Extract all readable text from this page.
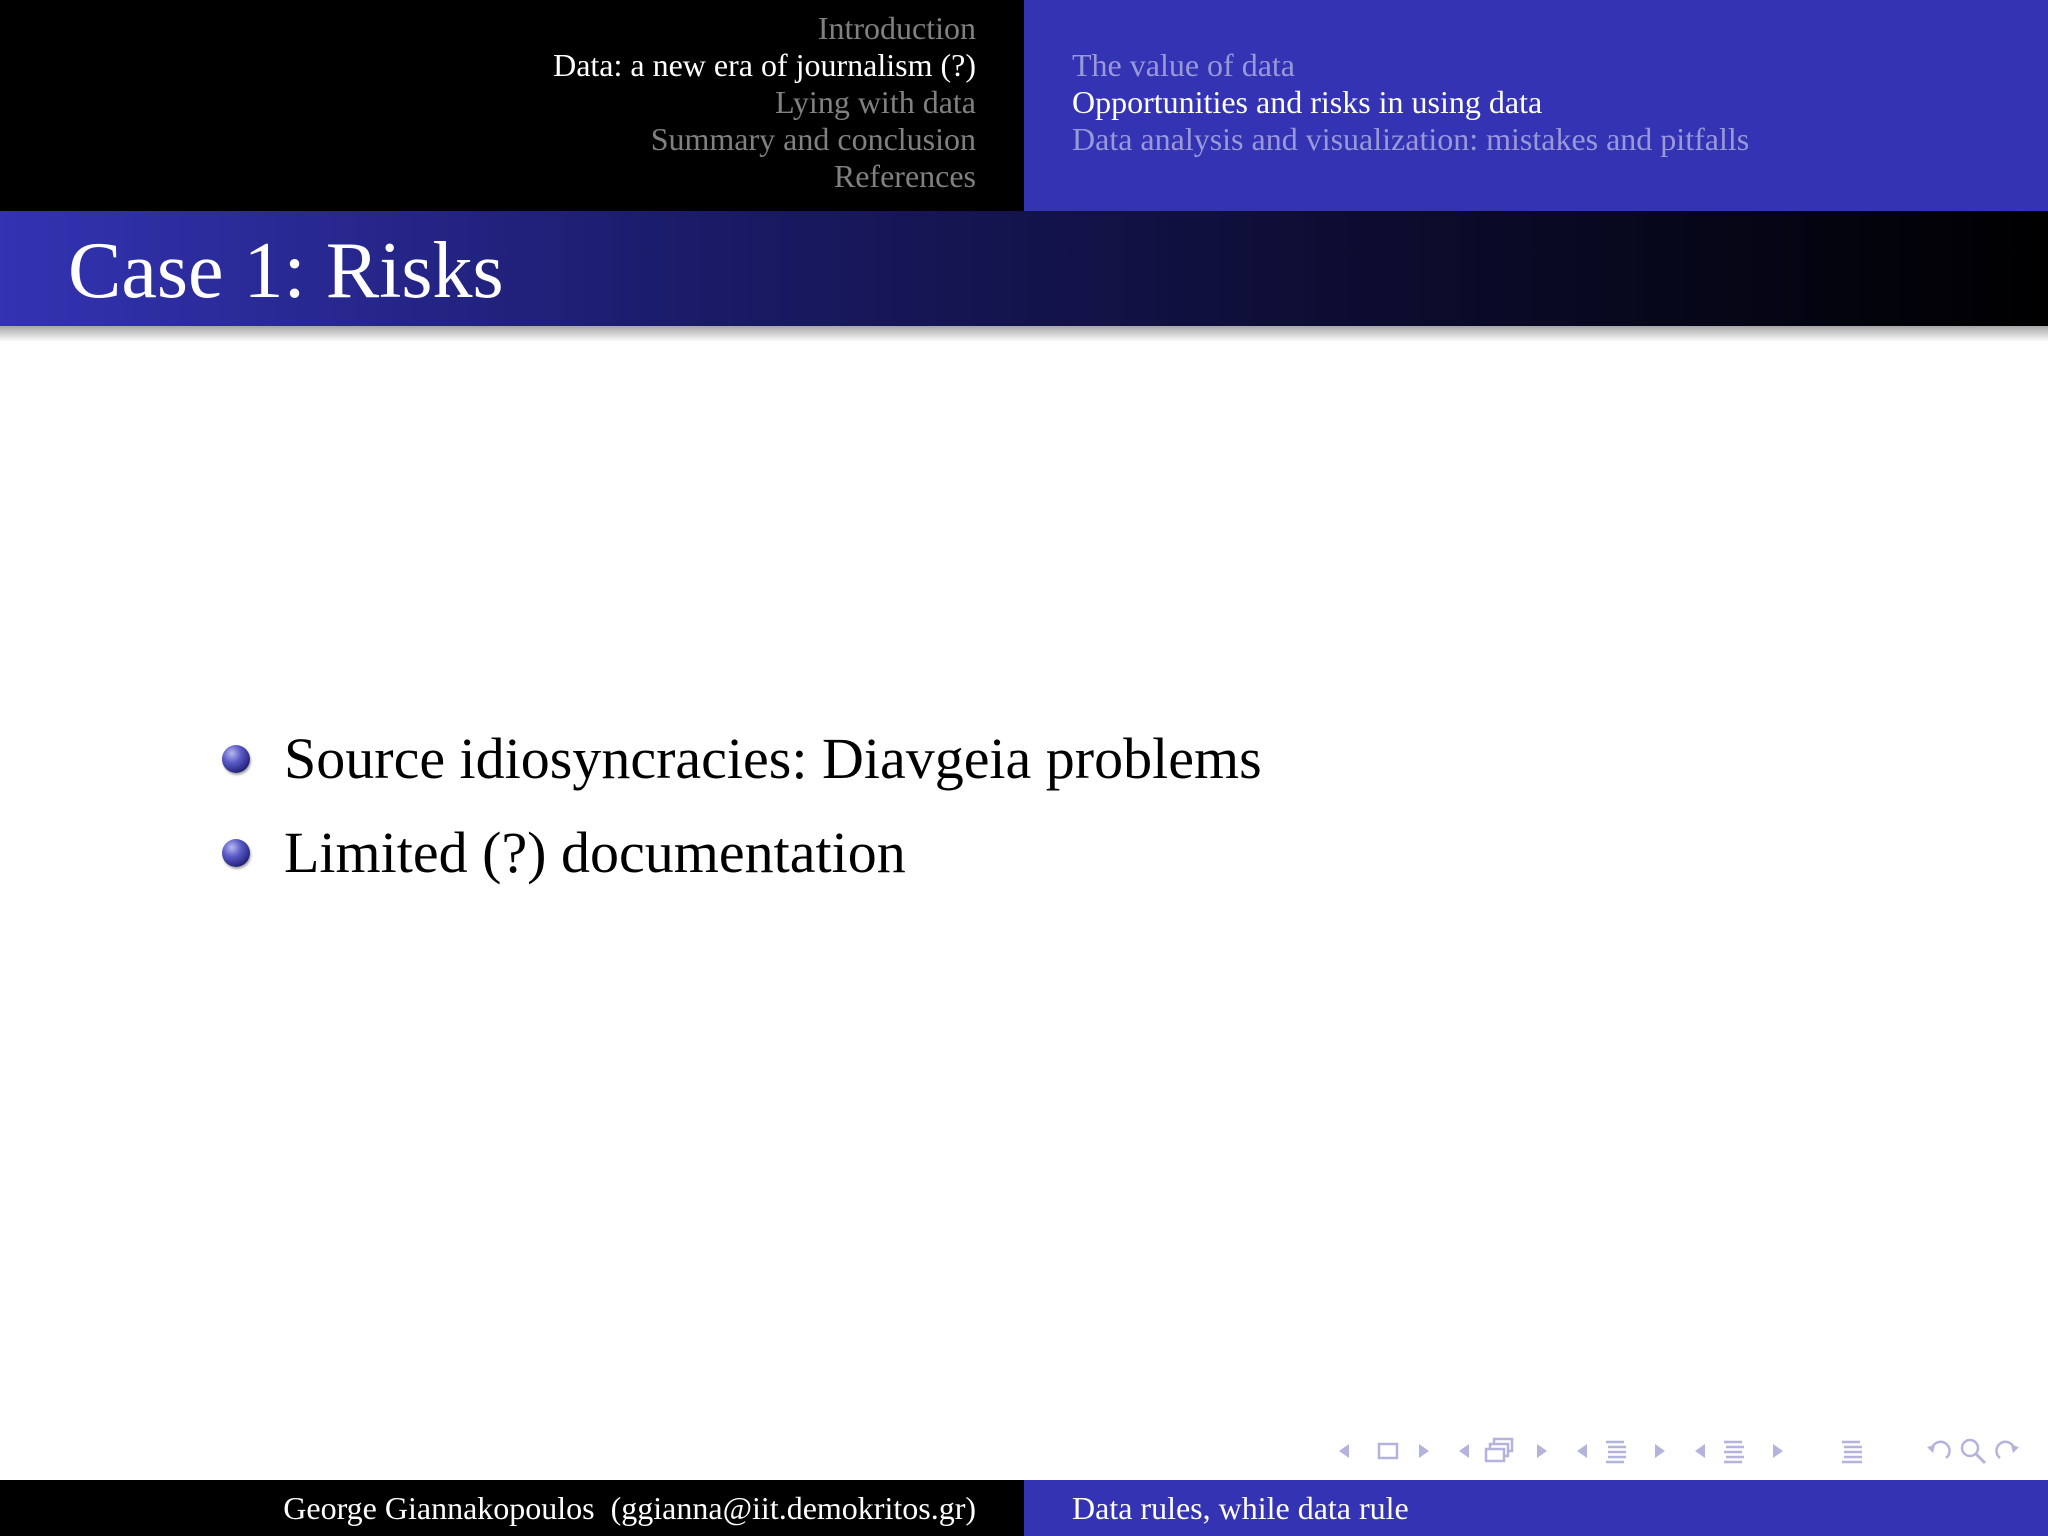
Introduction
Data: a new era of journalism (?)
Lying with data
Summary and conclusion
References
The value of data
Opportunities and risks in using data
Data analysis and visualization: mistakes and pitfalls
Case 1: Risks
Source idiosyncracies: Diavgeia problems
Limited (?) documentation
George Giannakopoulos  (ggianna@iit.demokritos.gr)	Data rules, while data rule
